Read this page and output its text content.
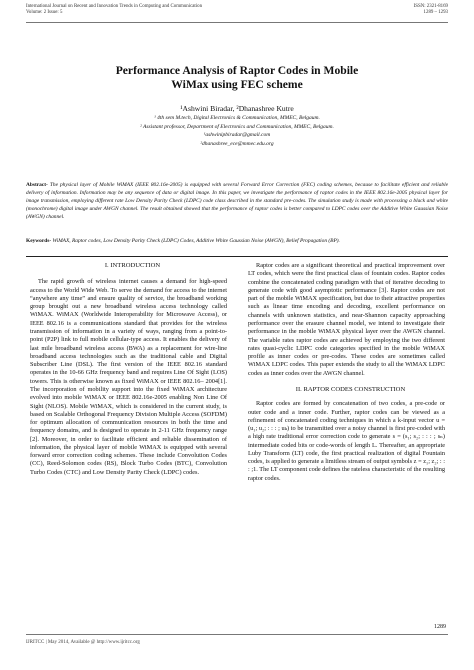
International Journal on Recent and Innovation Trends in Computing and Communication
Volume: 2 Issue: 5
ISSN: 2321-8169
1289 – 1293
Performance Analysis of Raptor Codes in Mobile
WiMax using FEC scheme
¹Ashwini Biradar, ²Dhanashree Kutre
¹ 4th sem M.tech, Digital Electronics & Communication, MMEC, Belgaum.
² Assistant professor, Department of Electronics and Communication, MMEC, Belgaum.
¹ashwinipbiradar@gmail.com
²dhanashree_ece@mmec.edu.org
Abstract- The physical layer of Mobile WiMAX (IEEE 802.16e-2005) is equipped with several Forward Error Correction (FEC) coding schemes, because to facilitate efficient and reliable delivery of information. Information may be any sequence of data or digital image. In this paper, we investigate the performance of raptor codes in the IEEE 802.16e-2005 physical layer for image transmission, employing different rate Low Density Parity Check (LDPC) code class described in the standard pre-codes. The simulation study is made with processing a black and white (monochrome) digital image under AWGN channel. The result obtained showed that the performance of raptor codes is better compared to LDPC codes over the Additive White Gaussian Noise (AWGN) channel.
Keywords- WiMAX, Raptor codes, Low Density Parity Check (LDPC) Codes, Additive White Gaussian Noise (AWGN), Belief Propagation (BP).

I. INTRODUCTION

The rapid growth of wireless internet causes a demand for high-speed access to the World Wide Web. To serve the demand for access to the internet “anywhere any time” and ensure quality of service, the broadband working group brought out a new broadband wireless access technology called WiMAX. WiMAX (Worldwide Interoperability for Microwave Access), or IEEE 802.16 is a communications standard that provides for the wireless transmission of information in a variety of ways, ranging from a point-to-point (P2P) link to full mobile cellular-type access. It enables the delivery of last mile broadband wireless access (BWA) as a replacement for wire-line broadband access technologies such as the traditional cable and Digital Subscriber Line (DSL). The first version of the IEEE 802.16 standard operates in the 10-66 GHz frequency band and requires Line Of Sight (LOS) towers. This is otherwise known as fixed WiMAX or IEEE 802.16– 2004[1]. The incorporation of mobility support into the fixed WiMAX architecture evolved into mobile WiMAX or IEEE 802.16e-2005 enabling Non Line Of Sight (NLOS). Mobile WiMAX, which is considered in the current study, is based on Scalable Orthogonal Frequency Division Multiple Access (SOFDM) for optimum allocation of communication resources in both the time and frequency domains, and is designed to operate in 2-11 GHz frequency range [2]. Moreover, in order to facilitate efficient and reliable dissemination of information, the physical layer of mobile WiMAX is equipped with several forward error correction coding schemes. These include Convolution Codes (CC), Reed-Solomon codes (RS), Block Turbo Codes (BTC), Convolution Turbo Codes (CTC) and Low Density Parity Check (LDPC) codes.

Raptor codes are a significant theoretical and practical improvement over LT codes, which were the first practical class of fountain codes. Raptor codes combine the concatenated coding paradigm with that of iterative decoding to generate code with good asymptotic performance [3]. Raptor codes are not part of the mobile WiMAX specification, but due to their attractive properties such as linear time encoding and decoding, excellent performance on channels with unknown statistics, and near-Shannon capacity approaching performance over the erasure channel model, we intend to investigate their performance in the mobile WiMAX physical layer over the AWGN channel. The variable rates raptor codes are achieved by employing the two different rates quasi-cyclic LDPC code categories specified in the mobile WiMAX profile as inner codes or pre-codes. These codes are sometimes called WiMAX LDPC codes. This paper extends the study to all the WiMAX LDPC codes as inner codes over the AWGN channel.

II. RAPTOR CODES CONSTRUCTION

Raptor codes are formed by concatenation of two codes, a pre-code or outer code and a inner code. Further, raptor codes can be viewed as a refinement of concatenated coding techniques in which a k-input vector u = (u₁; u₂; : : : ; uₖ) to be transmitted over a noisy channel is first pre-coded with a high rate traditional error correction code to generate s = (s₁; s₂; : : : ; sₙ) intermediate coded bits or code-words of length L. Thereafter, an appropriate Luby Transform (LT) code, the first practical realization of digital Fountain codes, is applied to generate a limitless stream of output symbols z = z₁; z₂; : : : ;1. The LT component code defines the rateless characteristic of the resulting raptor codes.

1289
IJRITCC | May 2014, Available @ http://www.ijritcc.org
